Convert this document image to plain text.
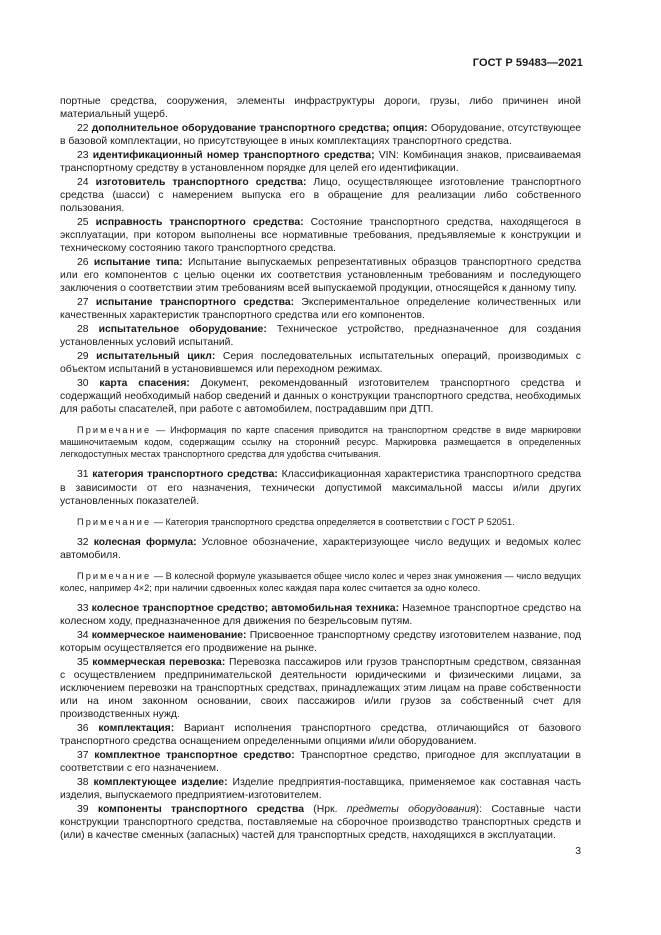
ГОСТ Р 59483—2021

портные средства, сооружения, элементы инфраструктуры дороги, грузы, либо причинен иной материальный ущерб.

22 дополнительное оборудование транспортного средства; опция: Оборудование, отсутствующее в базовой комплектации, но присутствующее в иных комплектациях транспортного средства.

23 идентификационный номер транспортного средства; VIN: Комбинация знаков, присваиваемая транспортному средству в установленном порядке для целей его идентификации.

24 изготовитель транспортного средства: Лицо, осуществляющее изготовление транспортного средства (шасси) с намерением выпуска его в обращение для реализации либо собственного пользования.

25 исправность транспортного средства: Состояние транспортного средства, находящегося в эксплуатации, при котором выполнены все нормативные требования, предъявляемые к конструкции и техническому состоянию такого транспортного средства.

26 испытание типа: Испытание выпускаемых репрезентативных образцов транспортного средства или его компонентов с целью оценки их соответствия установленным требованиям и последующего заключения о соответствии этим требованиям всей выпускаемой продукции, относящейся к данному типу.

27 испытание транспортного средства: Экспериментальное определение количественных или качественных характеристик транспортного средства или его компонентов.

28 испытательное оборудование: Техническое устройство, предназначенное для создания установленных условий испытаний.

29 испытательный цикл: Серия последовательных испытательных операций, производимых с объектом испытаний в установившемся или переходном режимах.

30 карта спасения: Документ, рекомендованный изготовителем транспортного средства и содержащий необходимый набор сведений и данных о конструкции транспортного средства, необходимых для работы спасателей, при работе с автомобилем, пострадавшим при ДТП.

Примечание — Информация по карте спасения приводится на транспортном средстве в виде маркировки машиночитаемым кодом, содержащим ссылку на сторонний ресурс. Маркировка размещается в определенных легкодоступных местах транспортного средства для удобства считывания.

31 категория транспортного средства: Классификационная характеристика транспортного средства в зависимости от его назначения, технически допустимой максимальной массы и/или других установленных показателей.

Примечание — Категория транспортного средства определяется в соответствии с ГОСТ Р 52051.

32 колесная формула: Условное обозначение, характеризующее число ведущих и ведомых колес автомобиля.

Примечание — В колесной формуле указывается общее число колес и через знак умножения — число ведущих колес, например 4×2; при наличии сдвоенных колес каждая пара колес считается за одно колесо.

33 колесное транспортное средство; автомобильная техника: Наземное транспортное средство на колесном ходу, предназначенное для движения по безрельсовым путям.

34 коммерческое наименование: Присвоенное транспортному средству изготовителем название, под которым осуществляется его продвижение на рынке.

35 коммерческая перевозка: Перевозка пассажиров или грузов транспортным средством, связанная с осуществлением предпринимательской деятельности юридическими и физическими лицами, за исключением перевозки на транспортных средствах, принадлежащих этим лицам на праве собственности или на ином законном основании, своих пассажиров и/или грузов за собственный счет для производственных нужд.

36 комплектация: Вариант исполнения транспортного средства, отличающийся от базового транспортного средства оснащением определенными опциями и/или оборудованием.

37 комплектное транспортное средство: Транспортное средство, пригодное для эксплуатации в соответствии с его назначением.

38 комплектующее изделие: Изделие предприятия-поставщика, применяемое как составная часть изделия, выпускаемого предприятием-изготовителем.

39 компоненты транспортного средства (Нрк. предметы оборудования): Составные части конструкции транспортного средства, поставляемые на сборочное производство транспортных средств и (или) в качестве сменных (запасных) частей для транспортных средств, находящихся в эксплуатации.

3
